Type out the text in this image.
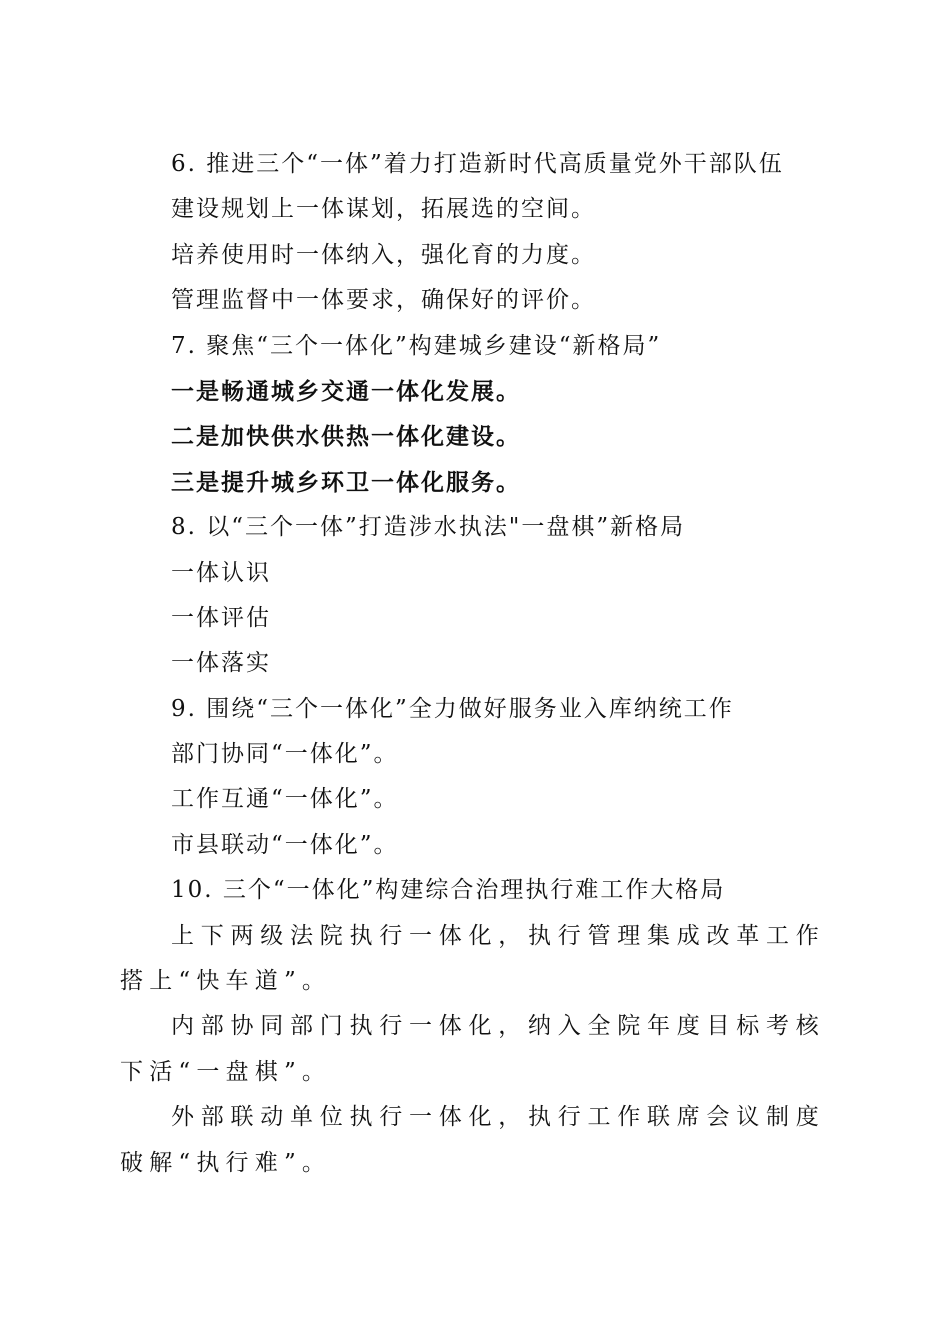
6. 推进三个“一体”着力打造新时代高质量党外干部队伍
建设规划上一体谋划，拓展选的空间。
培养使用时一体纳入，强化育的力度。
管理监督中一体要求，确保好的评价。
7. 聚焦“三个一体化”构建城乡建设“新格局”
一是畅通城乡交通一体化发展。
二是加快供水供热一体化建设。
三是提升城乡环卫一体化服务。
8. 以“三个一体”打造涉水执法"一盘棋”新格局
一体认识
一体评估
一体落实
9. 围绕“三个一体化”全力做好服务业入库纳统工作
部门协同“一体化”。
工作互通“一体化”。
市县联动“一体化”。
10. 三个“一体化”构建综合治理执行难工作大格局
上下两级法院执行一体化，执行管理集成改革工作搭上“快车道”。
内部协同部门执行一体化，纳入全院年度目标考核下活“一盘棋”。
外部联动单位执行一体化，执行工作联席会议制度破解“执行难”。
